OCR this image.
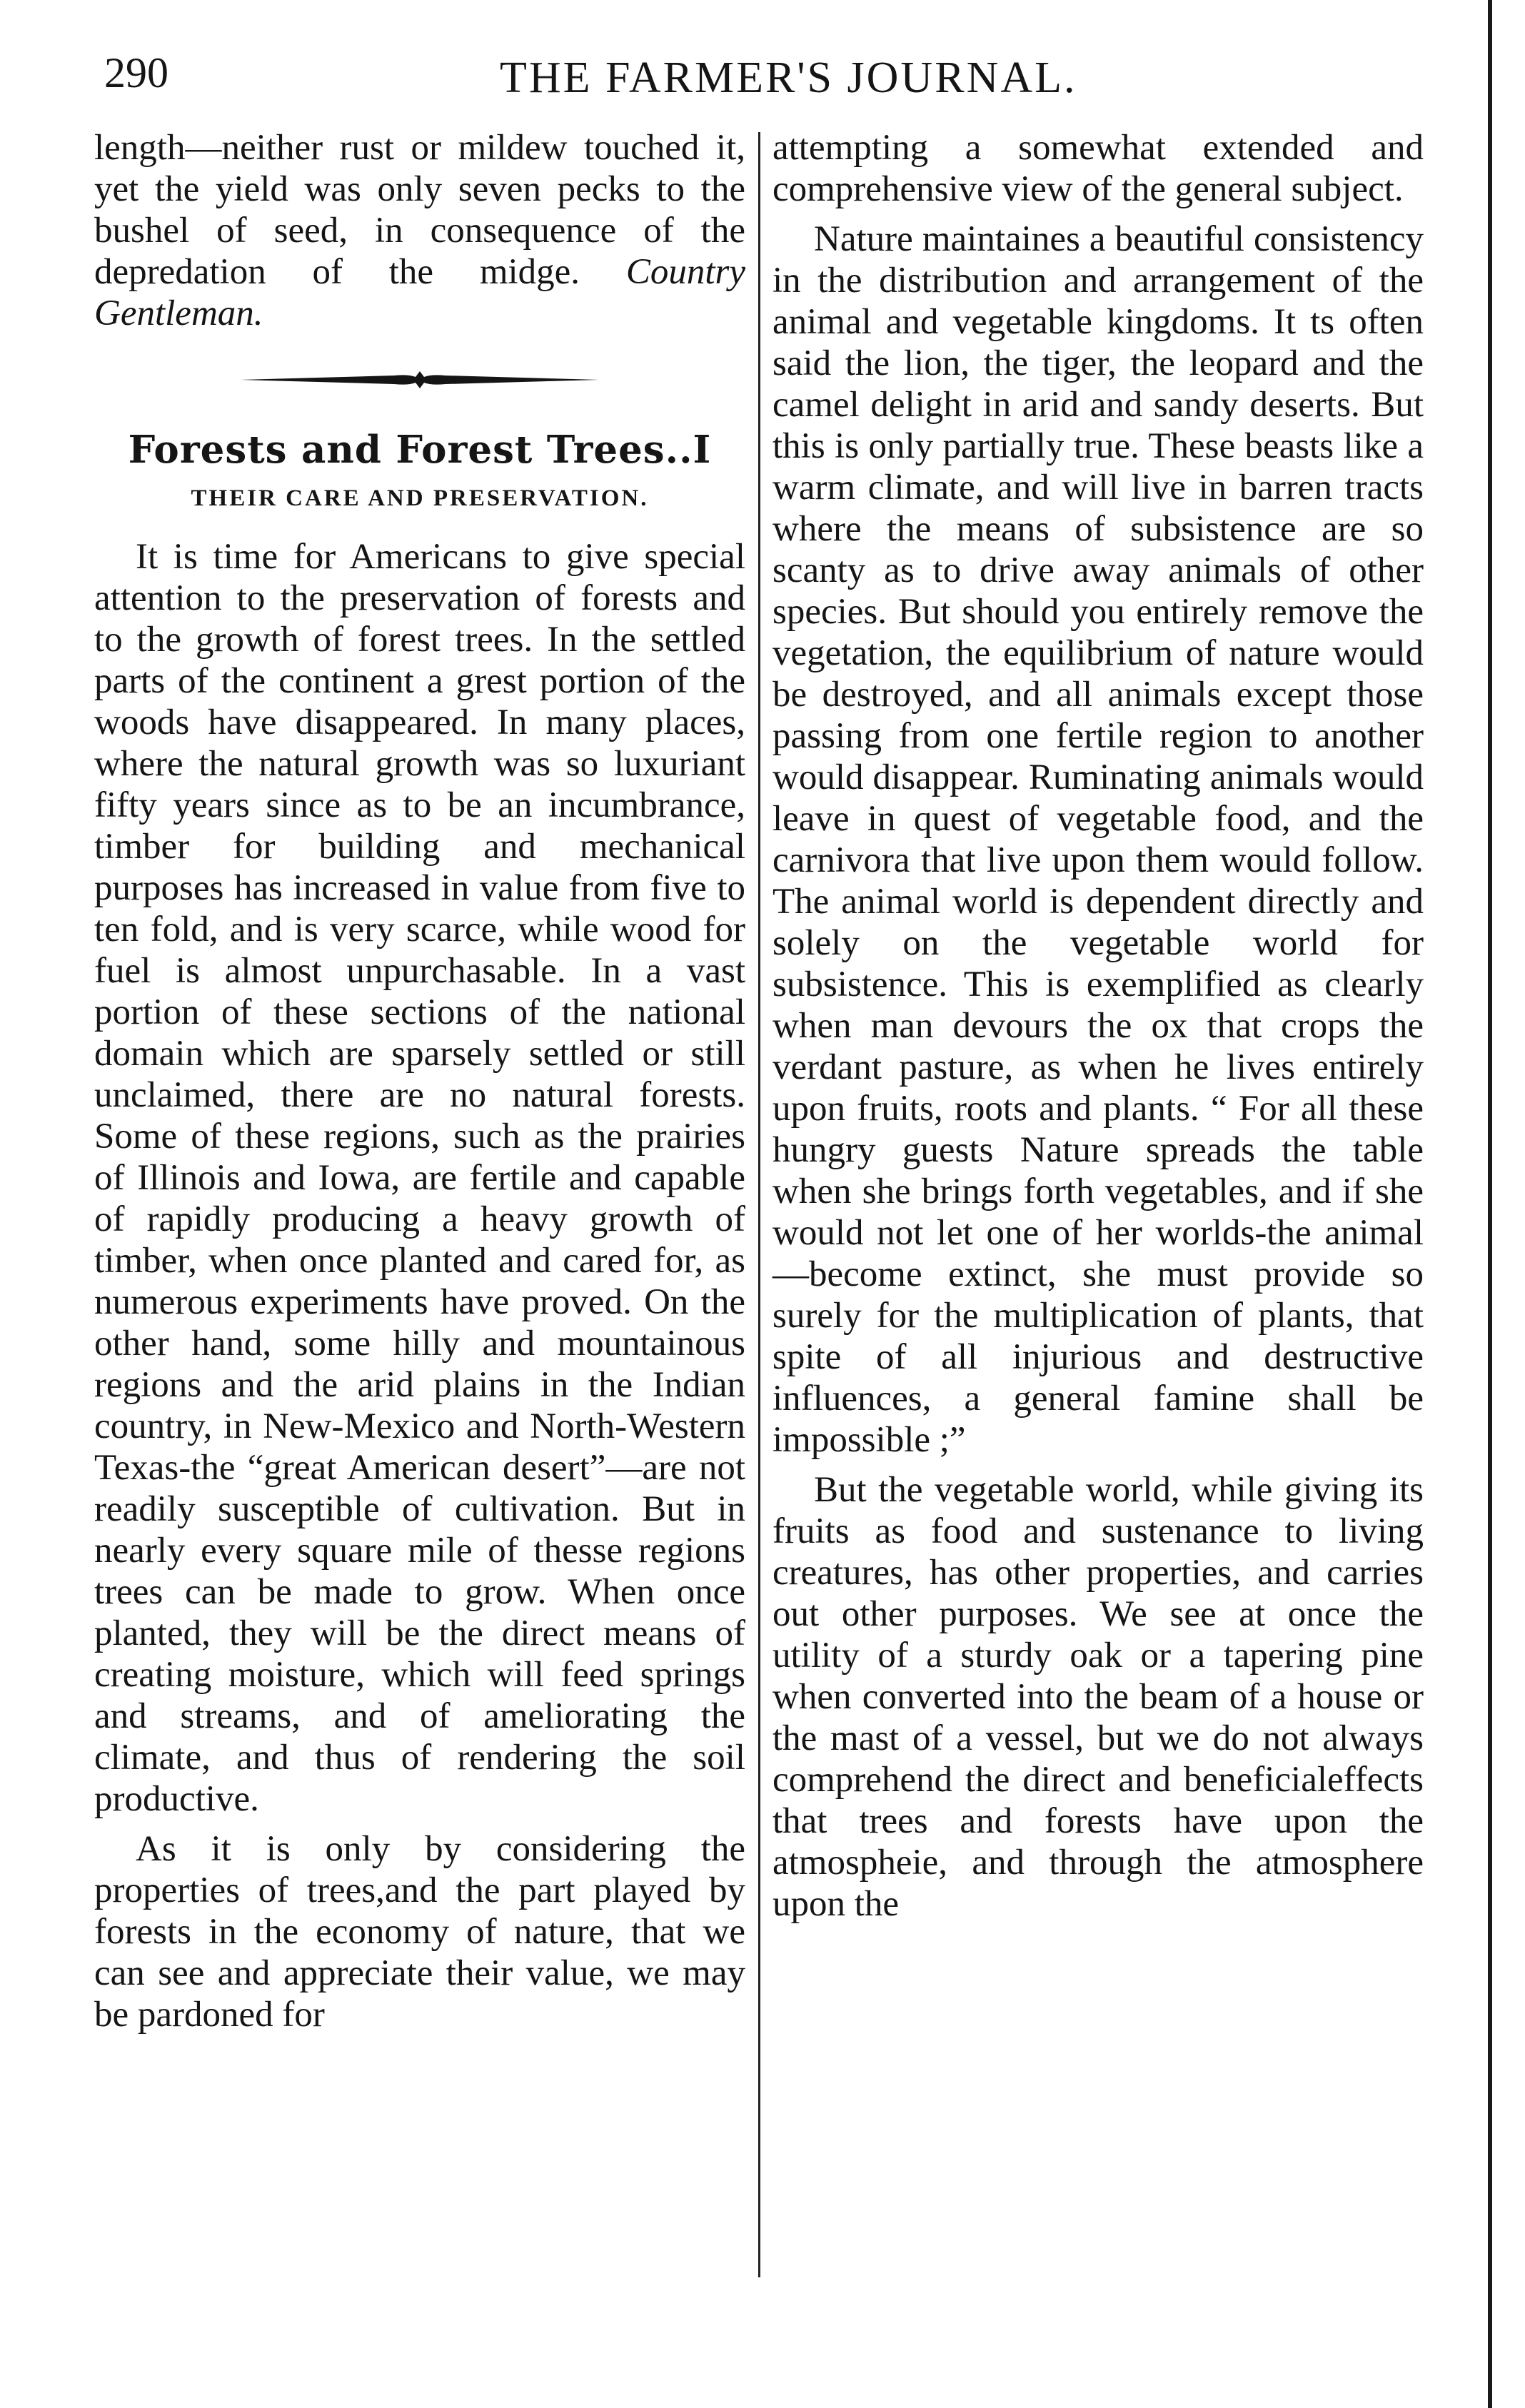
290	THE FARMER'S JOURNAL.

length—neither rust or mildew touched it, yet the yield was only seven pecks to the bushel of seed, in consequence of the depredation of the midge. Country Gentleman.

Forests and Forest Trees..I
THEIR CARE AND PRESERVATION.

It is time for Americans to give special attention to the preservation of forests and to the growth of forest trees. In the settled parts of the continent a grest portion of the woods have disappeared. In many places, where the natural growth was so luxuriant fifty years since as to be an incumbrance, timber for building and mechanical purposes has increased in value from five to ten fold, and is very scarce, while wood for fuel is almost unpurchasable. In a vast portion of these sections of the national domain which are sparsely settled or still unclaimed, there are no natural forests. Some of these regions, such as the prairies of Illinois and Iowa, are fertile and capable of rapidly producing a heavy growth of timber, when once planted and cared for, as numerous experiments have proved. On the other hand, some hilly and mountainous regions and the arid plains in the Indian country, in New-Mexico and North-Western Texas-the “great American desert”—are not readily susceptible of cultivation. But in nearly every square mile of thesse regions trees can be made to grow. When once planted, they will be the direct means of creating moisture, which will feed springs and streams, and of ameliorating the climate, and thus of rendering the soil productive.

As it is only by considering the properties of trees,and the part played by forests in the economy of nature, that we can see and appreciate their value, we may be pardoned for

attempting a somewhat extended and comprehensive view of the general subject.

Nature maintaines a beautiful consistency in the distribution and arrangement of the animal and vegetable kingdoms. It ts often said the lion, the tiger, the leopard and the camel delight in arid and sandy deserts. But this is only partially true. These beasts like a warm climate, and will live in barren tracts where the means of subsistence are so scanty as to drive away animals of other species. But should you entirely remove the vegetation, the equilibrium of nature would be destroyed, and all animals except those passing from one fertile region to another would disappear. Ruminating animals would leave in quest of vegetable food, and the carnivora that live upon them would follow. The animal world is dependent directly and solely on the vegetable world for subsistence. This is exemplified as clearly when man devours the ox that crops the verdant pasture, as when he lives entirely upon fruits, roots and plants. “ For all these hungry guests Nature spreads the table when she brings forth vegetables, and if she would not let one of her worlds-the animal—become extinct, she must provide so surely for the multiplication of plants, that spite of all injurious and destructive influences, a general famine shall be impossible ;”

But the vegetable world, while giving its fruits as food and sustenance to living creatures, has other properties, and carries out other purposes. We see at once the utility of a sturdy oak or a tapering pine when converted into the beam of a house or the mast of a vessel, but we do not always comprehend the direct and beneficialeffects that trees and forests have upon the atmospheie, and through the atmosphere upon the
